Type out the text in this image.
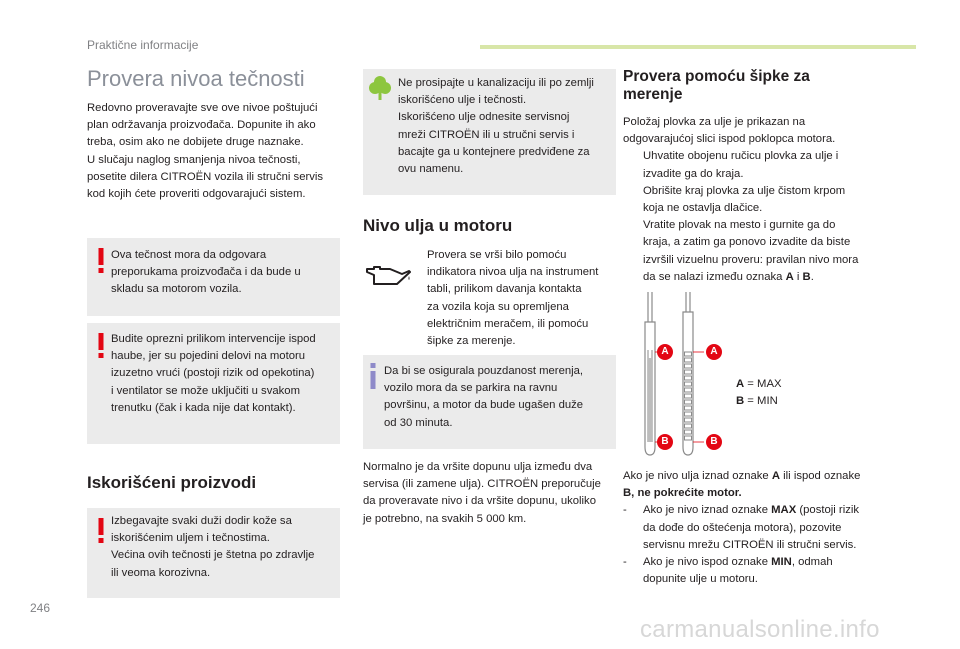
Praktične informacije
Provera nivoa tečnosti
Redovno proveravajte sve ove nivoe poštujući
plan održavanja proizvođača. Dopunite ih ako
treba, osim ako ne dobijete druge naznake.
U slučaju naglog smanjenja nivoa tečnosti,
posetite dilera CITROËN vozila ili stručni servis
kod kojih ćete proveriti odgovarajući sistem.
Ova tečnost mora da odgovara
preporukama proizvođača i da bude u
skladu sa motorom vozila.
Budite oprezni prilikom intervencije ispod
haube, jer su pojedini delovi na motoru
izuzetno vrući (postoji rizik od opekotina)
i ventilator se može uključiti u svakom
trenutku (čak i kada nije dat kontakt).
Iskorišćeni proizvodi
Izbegavajte svaki duži dodir kože sa
iskorišćenim uljem i tečnostima.
Većina ovih tečnosti je štetna po zdravlje
ili veoma korozivna.
Ne prosipajte u kanalizaciju ili po zemlji
iskorišćeno ulje i tečnosti.
Iskorišćeno ulje odnesite servisnoj
mreži CITROËN ili u stručni servis i
bacajte ga u kontejnere predviđene za
ovu namenu.
Nivo ulja u motoru
Provera se vrši bilo pomoću
indikatora nivoa ulja na instrument
tabli, prilikom davanja kontakta
za vozila koja su opremljena
električnim meračem, ili pomoću
šipke za merenje.
Da bi se osigurala pouzdanost merenja,
vozilo mora da se parkira na ravnu
površinu, a motor da bude ugašen duže
od 30 minuta.
Normalno je da vršite dopunu ulja između dva
servisa (ili zamene ulja). CITROËN preporučuje
da proveravate nivo i da vršite dopunu, ukoliko
je potrebno, na svakih 5 000 km.
Provera pomoću šipke za
merenje
Položaj plovka za ulje je prikazan na
odgovarajućoj slici ispod poklopca motora.
Uhvatite obojenu ručicu plovka za ulje i
izvadite ga do kraja.
Obrišite kraj plovka za ulje čistom krpom
koja ne ostavlja dlačice.
Vratite plovak na mesto i gurnite ga do
kraja, a zatim ga ponovo izvadite da biste
izvršili vizuelnu proveru: pravilan nivo mora
da se nalazi između oznaka A i B.
A	A
B	B
A = MAX
B = MIN
Ako je nivo ulja iznad oznake A ili ispod oznake
B, ne pokrećite motor.
- Ako je nivo iznad oznake MAX (postoji rizik
da dođe do oštećenja motora), pozovite
servisnu mrežu CITROËN ili stručni servis.
- Ako je nivo ispod oznake MIN, odmah
dopunite ulje u motoru.
246
carmanualsonline.info
